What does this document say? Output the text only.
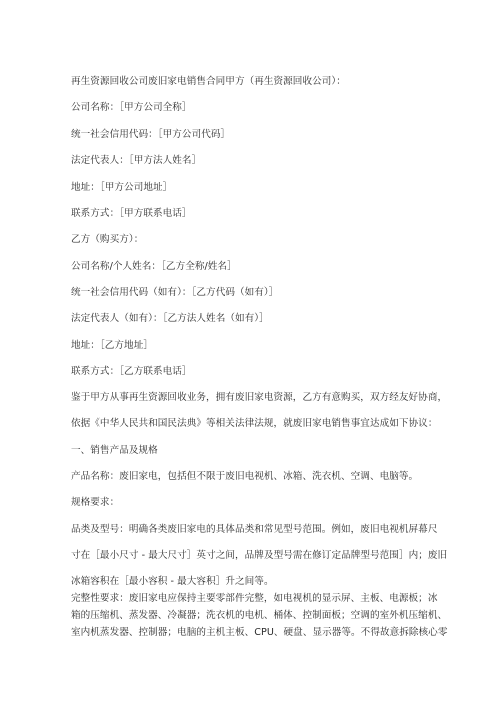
再生资源回收公司废旧家电销售合同甲方（再生资源回收公司）：
公司名称：［甲方公司全称］
统一社会信用代码：［甲方公司代码］
法定代表人：［甲方法人姓名］
地址：［甲方公司地址］
联系方式：［甲方联系电话］
乙方（购买方）：
公司名称/个人姓名：［乙方全称/姓名］
统一社会信用代码（如有）：［乙方代码（如有）］
法定代表人（如有）：［乙方法人姓名（如有）］
地址：［乙方地址］
联系方式：［乙方联系电话］
鉴于甲方从事再生资源回收业务，拥有废旧家电资源，乙方有意购买，双方经友好协商，
依据《中华人民共和国民法典》等相关法律法规，就废旧家电销售事宜达成如下协议：
一、销售产品及规格
产品名称：废旧家电，包括但不限于废旧电视机、冰箱、洗衣机、空调、电脑等。
规格要求：
品类及型号：明确各类废旧家电的具体品类和常见型号范围。例如，废旧电视机屏幕尺
寸在［最小尺寸 - 最大尺寸］英寸之间，品牌及型号需在修订定品牌型号范围］内；废旧
冰箱容积在［最小容积 - 最大容积］升之间等。
完整性要求：废旧家电应保持主要零部件完整，如电视机的显示屏、主板、电源板；冰
箱的压缩机、蒸发器、冷凝器；洗衣机的电机、桶体、控制面板；空调的室外机压缩机、
室内机蒸发器、控制器；电脑的主机主板、CPU、硬盘、显示器等。不得故意拆除核心零
